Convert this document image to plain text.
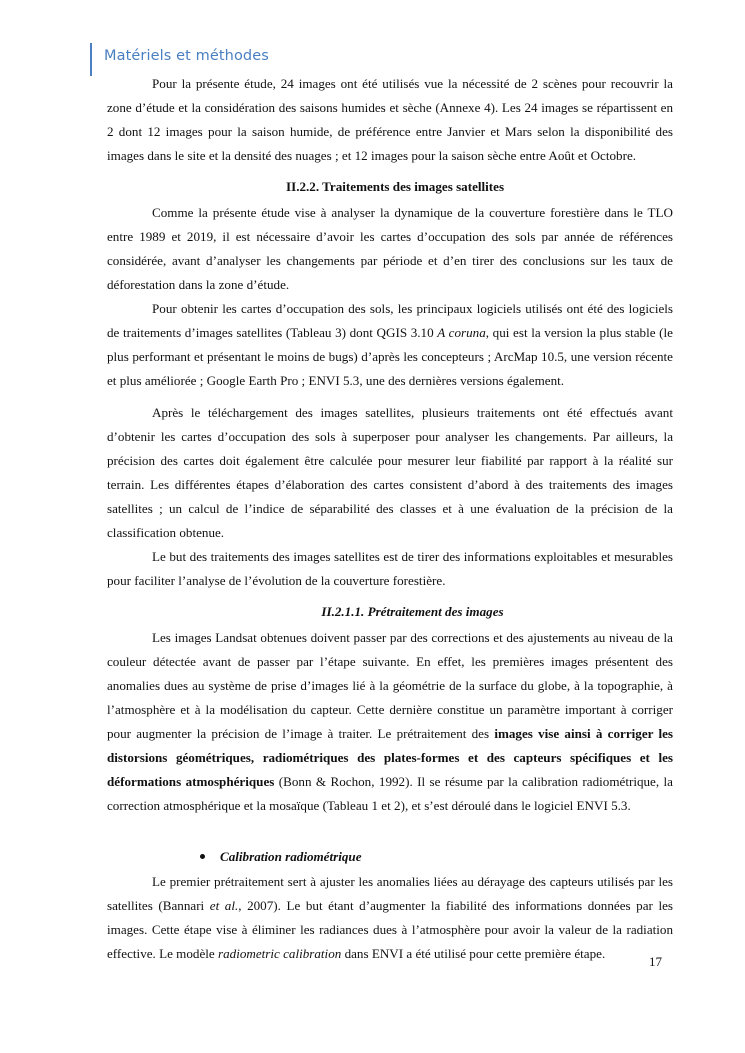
Matériels et méthodes

Pour la présente étude, 24 images ont été utilisés vue la nécessité de 2 scènes pour recouvrir la zone d’étude et la considération des saisons humides et sèche (Annexe 4). Les 24 images se répartissent en 2 dont 12 images pour la saison humide, de préférence entre Janvier et Mars selon la disponibilité des images dans le site et la densité des nuages ; et 12 images pour la saison sèche entre Août et Octobre.

II.2.2. Traitements des images satellites

Comme la présente étude vise à analyser la dynamique de la couverture forestière dans le TLO entre 1989 et 2019, il est nécessaire d’avoir les cartes d’occupation des sols par année de références considérée, avant d’analyser les changements par période et d’en tirer des conclusions sur les taux de déforestation dans la zone d’étude.

Pour obtenir les cartes d’occupation des sols, les principaux logiciels utilisés ont été des logiciels de traitements d’images satellites (Tableau 3) dont QGIS 3.10 A coruna, qui est la version la plus stable (le plus performant et présentant le moins de bugs) d’après les concepteurs ; ArcMap 10.5, une version récente et plus améliorée ; Google Earth Pro ; ENVI 5.3, une des dernières versions également.

Après le téléchargement des images satellites, plusieurs traitements ont été effectués avant d’obtenir les cartes d’occupation des sols à superposer pour analyser les changements. Par ailleurs, la précision des cartes doit également être calculée pour mesurer leur fiabilité par rapport à la réalité sur terrain. Les différentes étapes d’élaboration des cartes consistent d’abord à des traitements des images satellites ; un calcul de l’indice de séparabilité des classes et à une évaluation de la précision de la classification obtenue.

Le but des traitements des images satellites est de tirer des informations exploitables et mesurables pour faciliter l’analyse de l’évolution de la couverture forestière.

II.2.1.1. Prétraitement des images

Les images Landsat obtenues doivent passer par des corrections et des ajustements au niveau de la couleur détectée avant de passer par l’étape suivante. En effet, les premières images présentent des anomalies dues au système de prise d’images lié à la géométrie de la surface du globe, à la topographie, à l’atmosphère et à la modélisation du capteur. Cette dernière constitue un paramètre important à corriger pour augmenter la précision de l’image à traiter. Le prétraitement des images vise ainsi à corriger les distorsions géométriques, radiométriques des plates-formes et des capteurs spécifiques et les déformations atmosphériques (Bonn & Rochon, 1992). Il se résume par la calibration radiométrique, la correction atmosphérique et la mosaïque (Tableau 1 et 2), et s’est déroulé dans le logiciel ENVI 5.3.

Calibration radiométrique

Le premier prétraitement sert à ajuster les anomalies liées au dérayage des capteurs utilisés par les satellites (Bannari et al., 2007). Le but étant d’augmenter la fiabilité des informations données par les images. Cette étape vise à éliminer les radiances dues à l’atmosphère pour avoir la valeur de la radiation effective. Le modèle radiometric calibration dans ENVI a été utilisé pour cette première étape.

17
